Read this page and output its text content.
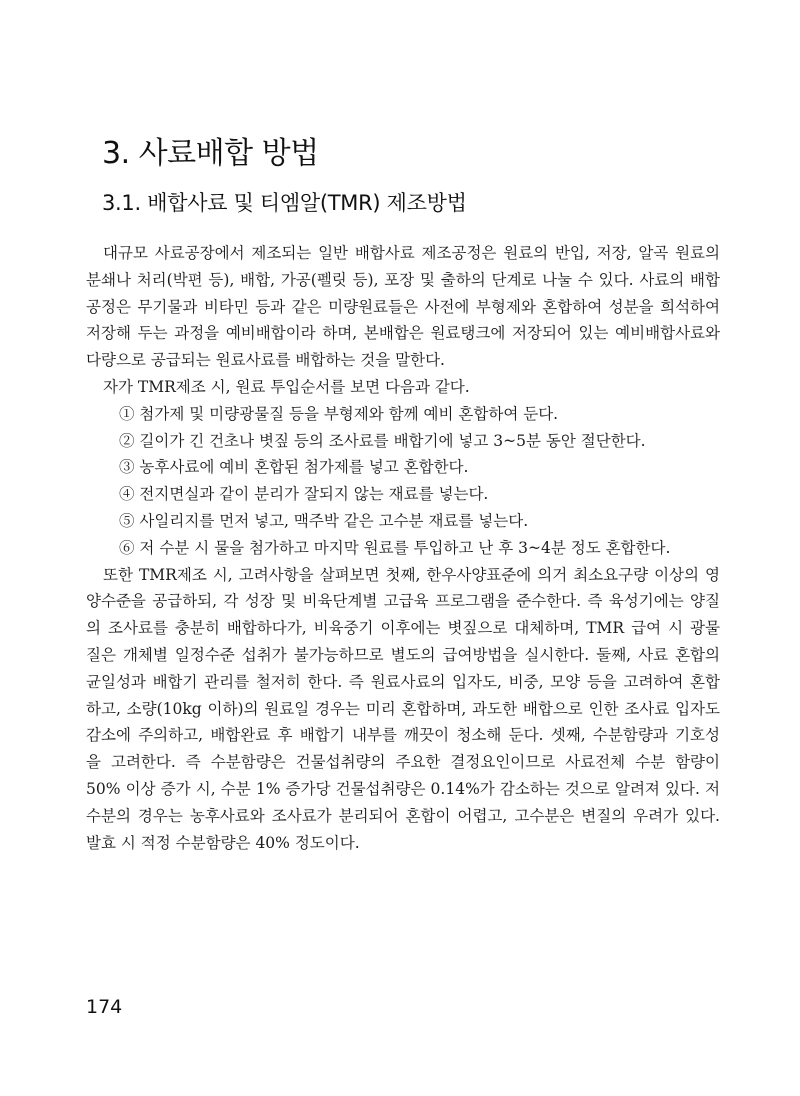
3. 사료배합 방법
3.1. 배합사료 및 티엠알(TMR) 제조방법
대규모 사료공장에서 제조되는 일반 배합사료 제조공정은 원료의 반입, 저장, 알곡 원료의
분쇄나 처리(박편 등), 배합, 가공(펠릿 등), 포장 및 출하의 단계로 나눌 수 있다. 사료의 배합
공정은 무기물과 비타민 등과 같은 미량원료들은 사전에 부형제와 혼합하여 성분을 희석하여
저장해 두는 과정을 예비배합이라 하며, 본배합은 원료탱크에 저장되어 있는 예비배합사료와
다량으로 공급되는 원료사료를 배합하는 것을 말한다.
자가 TMR제조 시, 원료 투입순서를 보면 다음과 같다.
① 첨가제 및 미량광물질 등을 부형제와 함께 예비 혼합하여 둔다.
② 길이가 긴 건초나 볏짚 등의 조사료를 배합기에 넣고 3~5분 동안 절단한다.
③ 농후사료에 예비 혼합된 첨가제를 넣고 혼합한다.
④ 전지면실과 같이 분리가 잘되지 않는 재료를 넣는다.
⑤ 사일리지를 먼저 넣고, 맥주박 같은 고수분 재료를 넣는다.
⑥ 저 수분 시 물을 첨가하고 마지막 원료를 투입하고 난 후 3~4분 정도 혼합한다.
또한 TMR제조 시, 고려사항을 살펴보면 첫째, 한우사양표준에 의거 최소요구량 이상의 영
양수준을 공급하되, 각 성장 및 비육단계별 고급육 프로그램을 준수한다. 즉 육성기에는 양질
의 조사료를 충분히 배합하다가, 비육중기 이후에는 볏짚으로 대체하며, TMR 급여 시 광물
질은 개체별 일정수준 섭취가 불가능하므로 별도의 급여방법을 실시한다. 둘째, 사료 혼합의
균일성과 배합기 관리를 철저히 한다. 즉 원료사료의 입자도, 비중, 모양 등을 고려하여 혼합
하고, 소량(10kg 이하)의 원료일 경우는 미리 혼합하며, 과도한 배합으로 인한 조사료 입자도
감소에 주의하고, 배합완료 후 배합기 내부를 깨끗이 청소해 둔다. 셋째, 수분함량과 기호성
을 고려한다. 즉 수분함량은 건물섭취량의 주요한 결정요인이므로 사료전체 수분 함량이
50% 이상 증가 시, 수분 1% 증가당 건물섭취량은 0.14%가 감소하는 것으로 알려져 있다. 저
수분의 경우는 농후사료와 조사료가 분리되어 혼합이 어렵고, 고수분은 변질의 우려가 있다.
발효 시 적정 수분함량은 40% 정도이다.
174
